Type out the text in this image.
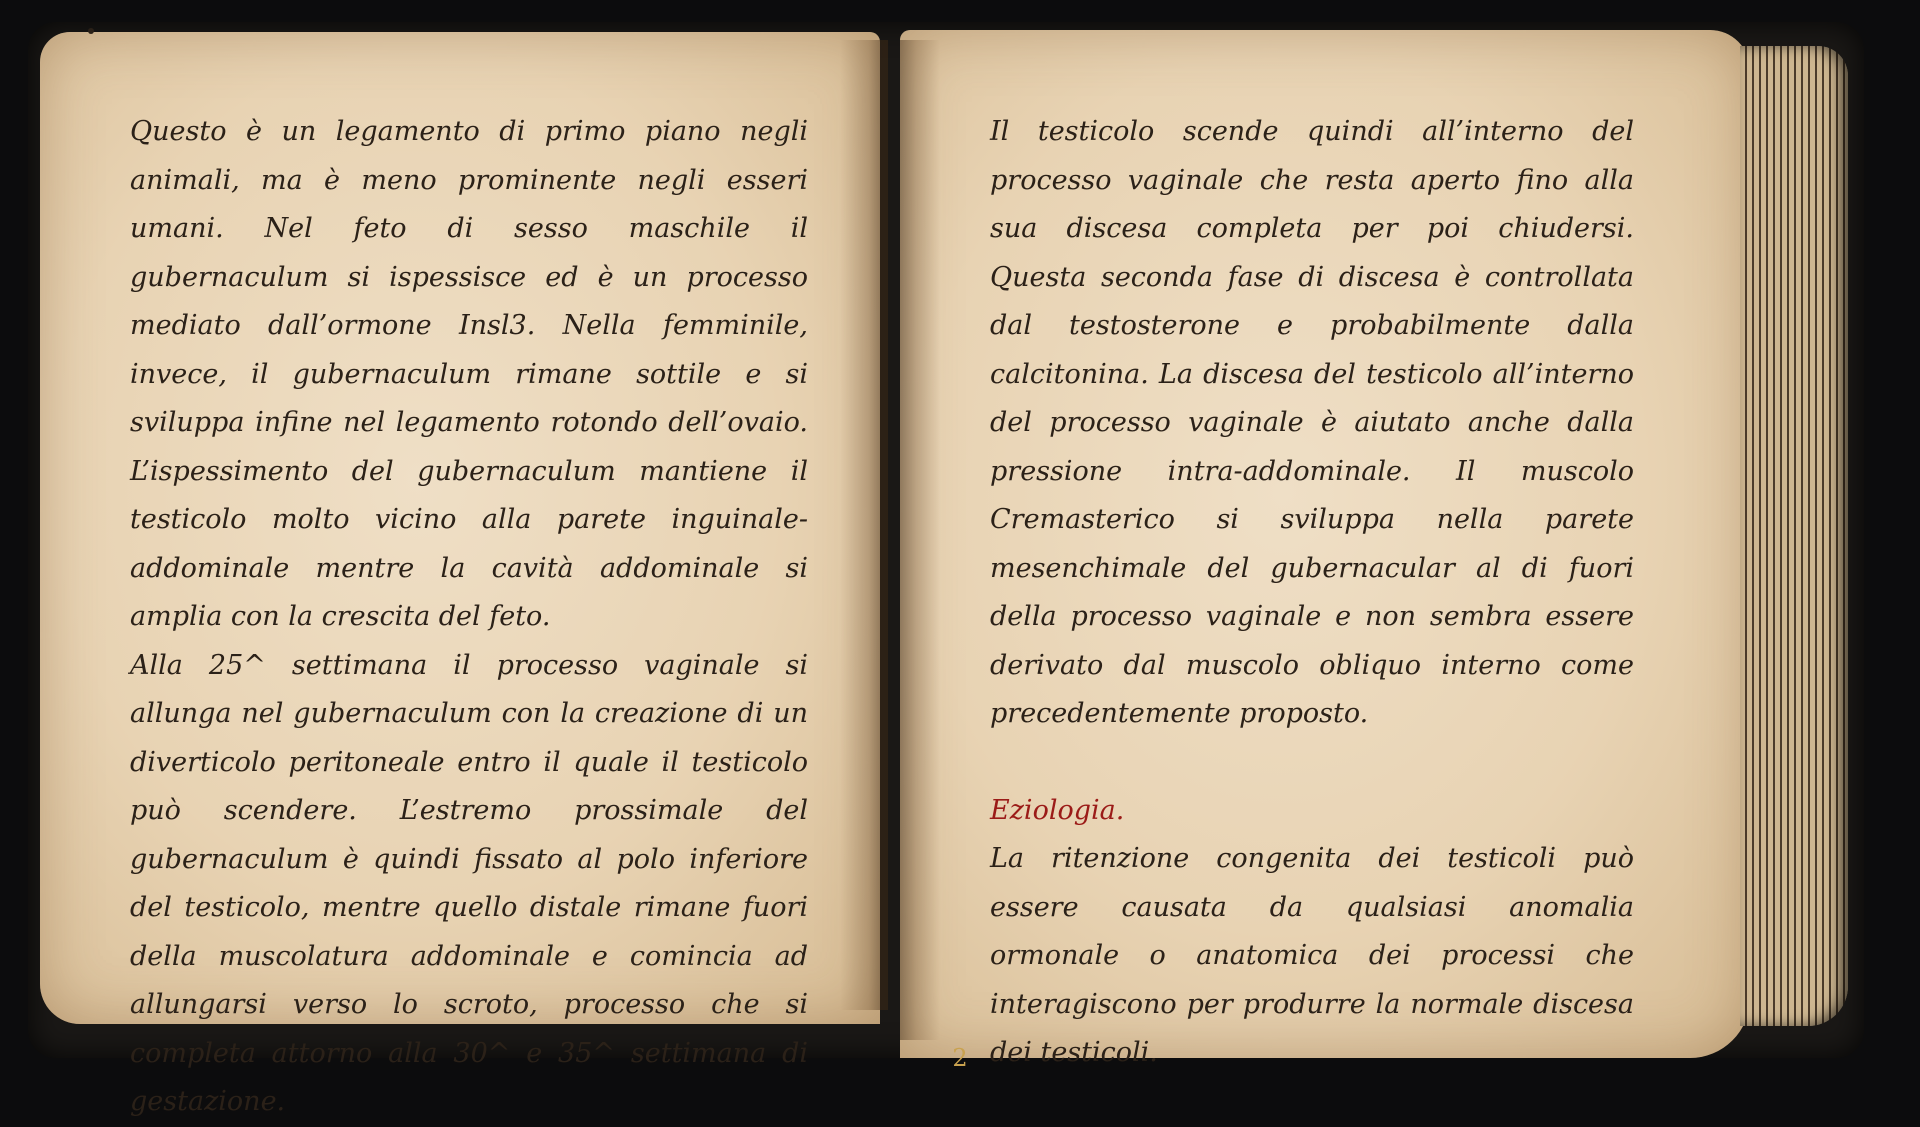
Questo è un legamento di primo piano negli animali, ma è meno prominente negli esseri umani. Nel feto di sesso maschile il gubernaculum si ispessisce ed è un processo mediato dall’ormone Insl3. Nella femminile, invece, il gubernaculum rimane sottile e si sviluppa infine nel legamento rotondo dell’ovaio. L’ispessimento del gubernaculum mantiene il testicolo molto vicino alla parete inguinale-addominale mentre la cavità addominale si amplia con la crescita del feto.

Alla 25^ settimana il processo vaginale si allunga nel gubernaculum con la creazione di un diverticolo peritoneale entro il quale il testicolo può scendere. L’estremo prossimale del gubernaculum è quindi fissato al polo inferiore del testicolo, mentre quello distale rimane fuori della muscolatura addominale e comincia ad allungarsi verso lo scroto, processo che si completa attorno alla 30^ e 35^ settimana di gestazione.

Il testicolo scende quindi all’interno del processo vaginale che resta aperto fino alla sua discesa completa per poi chiudersi. Questa seconda fase di discesa è controllata dal testosterone e probabilmente dalla calcitonina. La discesa del testicolo all’interno del processo vaginale è aiutato anche dalla pressione intra-addominale. Il muscolo Cremasterico si sviluppa nella parete mesenchimale del gubernacular al di fuori della processo vaginale e non sembra essere derivato dal muscolo obliquo interno come precedentemente proposto.

Eziologia.

La ritenzione congenita dei testicoli può essere causata da qualsiasi anomalia ormonale o anatomica dei processi che interagiscono per produrre la normale discesa dei testicoli.

2
